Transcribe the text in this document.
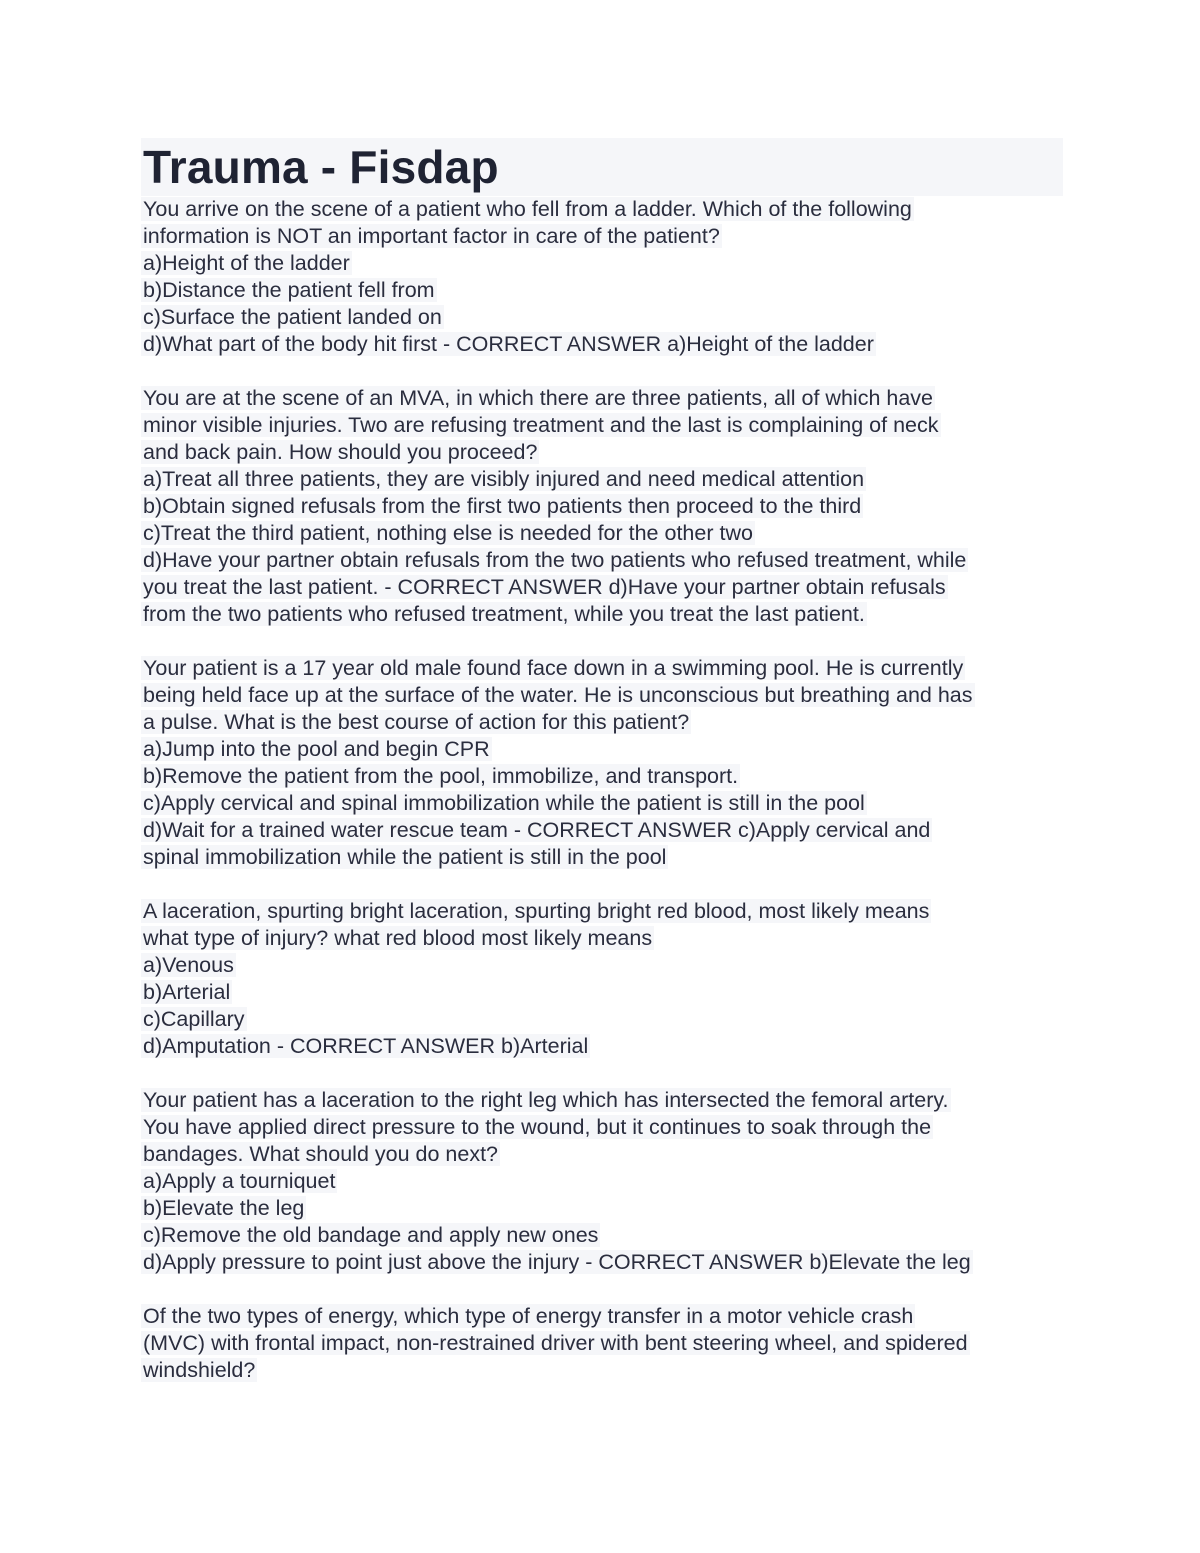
Trauma - Fisdap
You arrive on the scene of a patient who fell from a ladder. Which of the following
information is NOT an important factor in care of the patient?
a)Height of the ladder
b)Distance the patient fell from
c)Surface the patient landed on
d)What part of the body hit first - CORRECT ANSWER a)Height of the ladder
You are at the scene of an MVA, in which there are three patients, all of which have
minor visible injuries. Two are refusing treatment and the last is complaining of neck
and back pain. How should you proceed?
a)Treat all three patients, they are visibly injured and need medical attention
b)Obtain signed refusals from the first two patients then proceed to the third
c)Treat the third patient, nothing else is needed for the other two
d)Have your partner obtain refusals from the two patients who refused treatment, while
you treat the last patient. - CORRECT ANSWER d)Have your partner obtain refusals
from the two patients who refused treatment, while you treat the last patient.
Your patient is a 17 year old male found face down in a swimming pool. He is currently
being held face up at the surface of the water. He is unconscious but breathing and has
a pulse. What is the best course of action for this patient?
a)Jump into the pool and begin CPR
b)Remove the patient from the pool, immobilize, and transport.
c)Apply cervical and spinal immobilization while the patient is still in the pool
d)Wait for a trained water rescue team - CORRECT ANSWER c)Apply cervical and
spinal immobilization while the patient is still in the pool
A laceration, spurting bright laceration, spurting bright red blood, most likely means
what type of injury? what red blood most likely means
a)Venous
b)Arterial
c)Capillary
d)Amputation - CORRECT ANSWER b)Arterial
Your patient has a laceration to the right leg which has intersected the femoral artery.
You have applied direct pressure to the wound, but it continues to soak through the
bandages. What should you do next?
a)Apply a tourniquet
b)Elevate the leg
c)Remove the old bandage and apply new ones
d)Apply pressure to point just above the injury - CORRECT ANSWER b)Elevate the leg
Of the two types of energy, which type of energy transfer in a motor vehicle crash
(MVC) with frontal impact, non-restrained driver with bent steering wheel, and spidered
windshield?
